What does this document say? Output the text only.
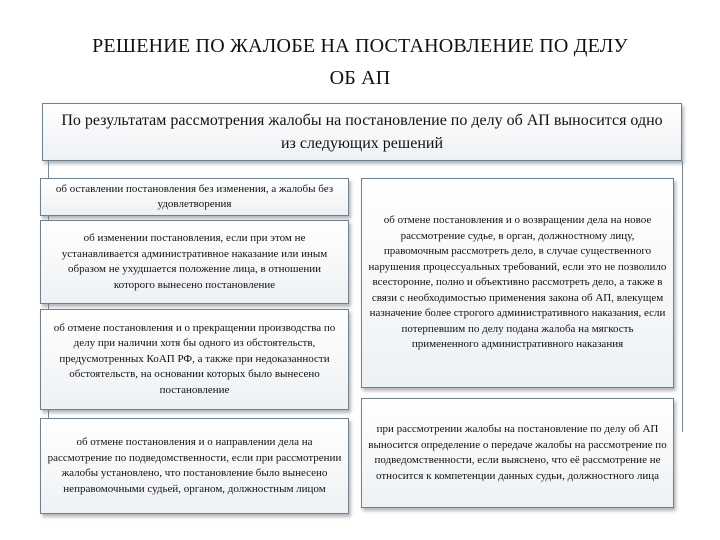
РЕШЕНИЕ ПО ЖАЛОБЕ НА ПОСТАНОВЛЕНИЕ ПО ДЕЛУ
ОБ АП
По результатам рассмотрения жалобы на постановление по делу об АП выносится одно из следующих решений
об оставлении постановления без изменения, а жалобы без удовлетворения
об изменении постановления, если при этом не устанавливается административное наказание или иным образом не ухудшается положение лица, в отношении которого вынесено постановление
об отмене постановления и о прекращении производства по делу при наличии хотя бы одного из обстоятельств, предусмотренных КоАП РФ, а также при недоказанности обстоятельств, на основании которых было вынесено постановление
об отмене постановления и о направлении дела на рассмотрение по подведомственности, если при рассмотрении жалобы установлено, что постановление было вынесено неправомочными судьей, органом, должностным лицом
об отмене постановления и о возвращении дела на новое рассмотрение судье, в орган, должностному лицу, правомочным рассмотреть дело, в случае существенного нарушения процессуальных требований, если это не позволило всесторонне, полно и объективно рассмотреть дело, а также в связи с необходимостью применения закона об АП, влекущем назначение более строгого административного наказания, если потерпевшим по делу подана жалоба на мягкость примененного административного наказания
при рассмотрении жалобы на постановление по делу об АП выносится определение о передаче жалобы на рассмотрение по подведомственности, если выяснено, что её рассмотрение не относится к компетенции данных судьи, должностного лица
